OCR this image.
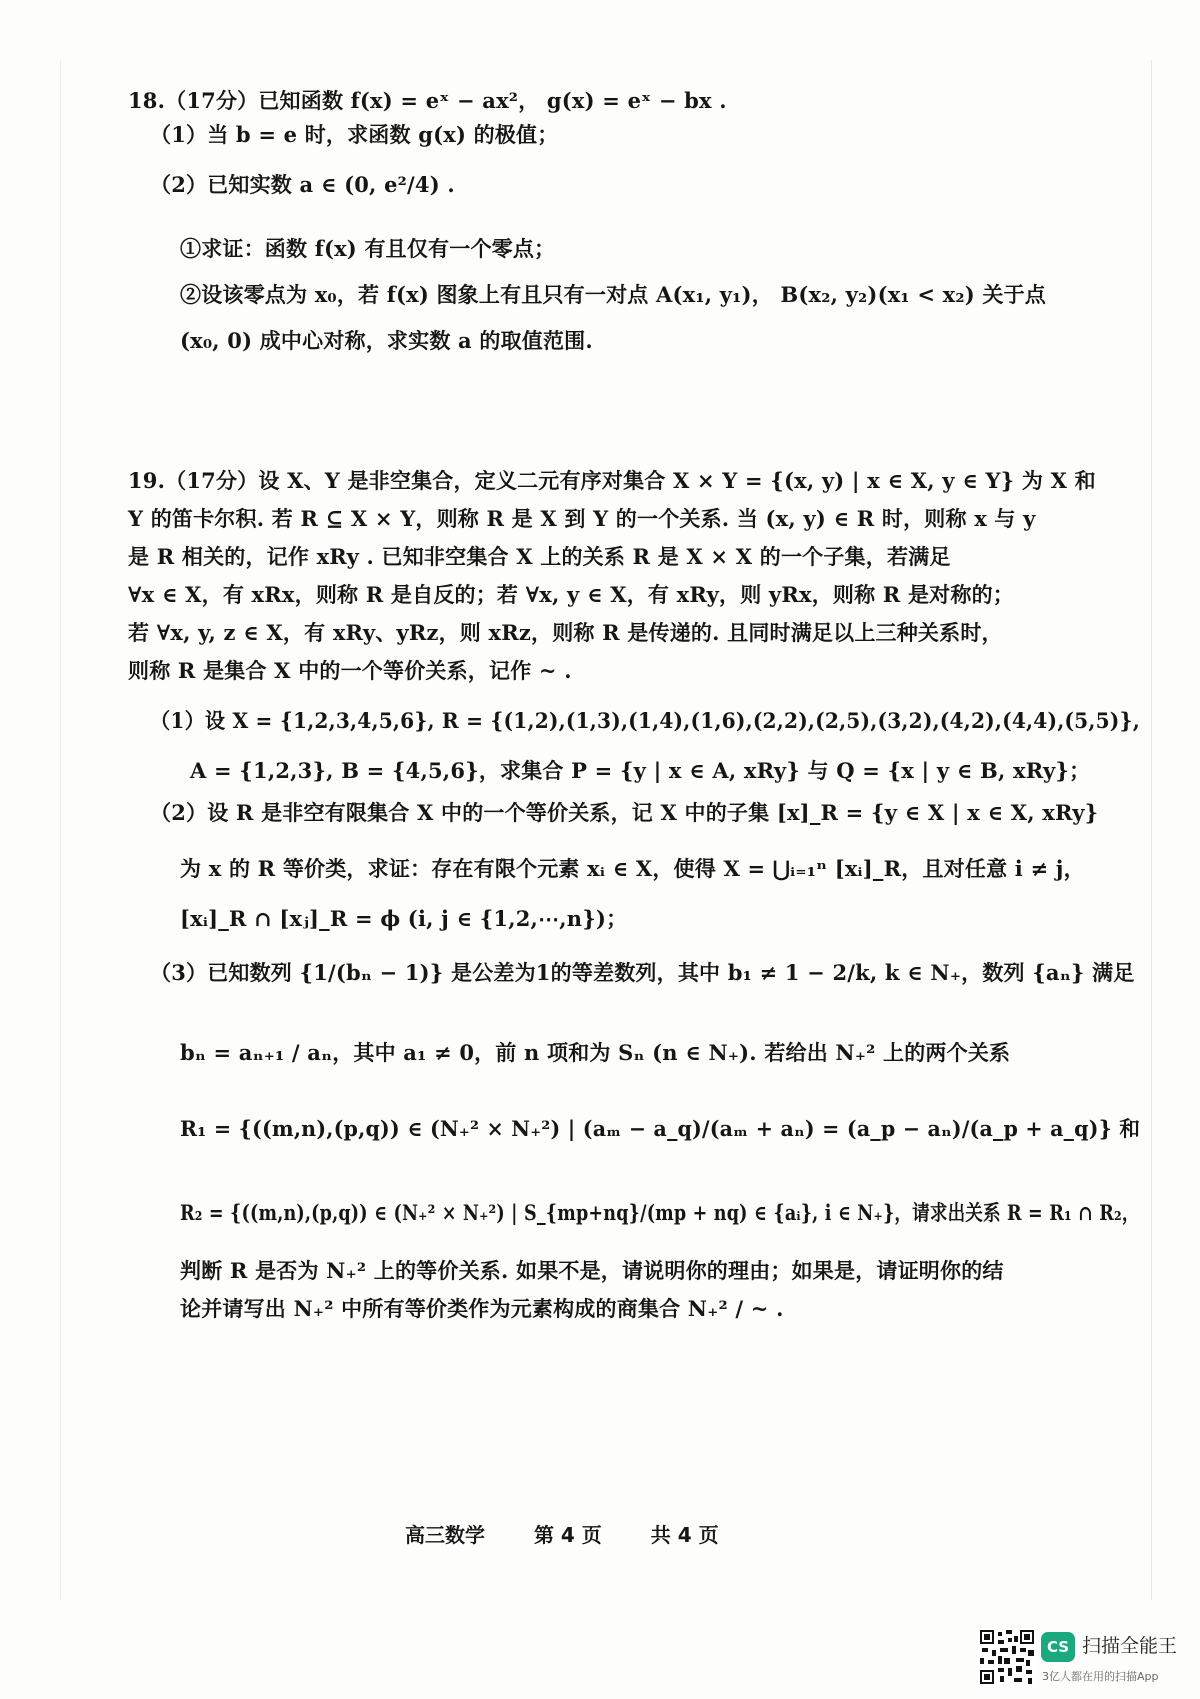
18.（17分）已知函数 f(x) = eˣ − ax²， g(x) = eˣ − bx .
（1）当 b = e 时，求函数 g(x) 的极值；
（2）已知实数 a ∈ (0, e²/4) .
①求证：函数 f(x) 有且仅有一个零点；
②设该零点为 x₀，若 f(x) 图象上有且只有一对点 A(x₁, y₁)， B(x₂, y₂)(x₁ < x₂) 关于点
(x₀, 0) 成中心对称，求实数 a 的取值范围.
19.（17分）设 X、Y 是非空集合，定义二元有序对集合 X × Y = {(x, y) | x ∈ X, y ∈ Y} 为 X 和
Y 的笛卡尔积. 若 R ⊆ X × Y，则称 R 是 X 到 Y 的一个关系. 当 (x, y) ∈ R 时，则称 x 与 y
是 R 相关的，记作 xRy . 已知非空集合 X 上的关系 R 是 X × X 的一个子集，若满足
∀x ∈ X，有 xRx，则称 R 是自反的；若 ∀x, y ∈ X，有 xRy，则 yRx，则称 R 是对称的；
若 ∀x, y, z ∈ X，有 xRy、yRz，则 xRz，则称 R 是传递的. 且同时满足以上三种关系时，
则称 R 是集合 X 中的一个等价关系，记作 ~ .
（1）设 X = {1,2,3,4,5,6}, R = {(1,2),(1,3),(1,4),(1,6),(2,2),(2,5),(3,2),(4,2),(4,4),(5,5)},
A = {1,2,3}, B = {4,5,6}，求集合 P = {y | x ∈ A, xRy} 与 Q = {x | y ∈ B, xRy}；
（2）设 R 是非空有限集合 X 中的一个等价关系，记 X 中的子集 [x]_R = {y ∈ X | x ∈ X, xRy}
为 x 的 R 等价类，求证：存在有限个元素 xᵢ ∈ X，使得 X = ⋃ᵢ₌₁ⁿ [xᵢ]_R，且对任意 i ≠ j，
[xᵢ]_R ∩ [xⱼ]_R = ϕ (i, j ∈ {1,2,⋯,n})；
（3）已知数列 {1/(bₙ − 1)} 是公差为1的等差数列，其中 b₁ ≠ 1 − 2/k, k ∈ N₊，数列 {aₙ} 满足
bₙ = aₙ₊₁ / aₙ，其中 a₁ ≠ 0，前 n 项和为 Sₙ (n ∈ N₊). 若给出 N₊² 上的两个关系
R₁ = {((m,n),(p,q)) ∈ (N₊² × N₊²) | (aₘ − a_q)/(aₘ + aₙ) = (a_p − aₙ)/(a_p + a_q)} 和
R₂ = {((m,n),(p,q)) ∈ (N₊² × N₊²) | S_{mp+nq}/(mp + nq) ∈ {aᵢ}, i ∈ N₊}，请求出关系 R = R₁ ∩ R₂，
判断 R 是否为 N₊² 上的等价关系. 如果不是，请说明你的理由；如果是，请证明你的结
论并请写出 N₊² 中所有等价类作为元素构成的商集合 N₊² / ~ .
高三数学 第 4 页 共 4 页
CS 扫描全能王
3亿人都在用的扫描App
